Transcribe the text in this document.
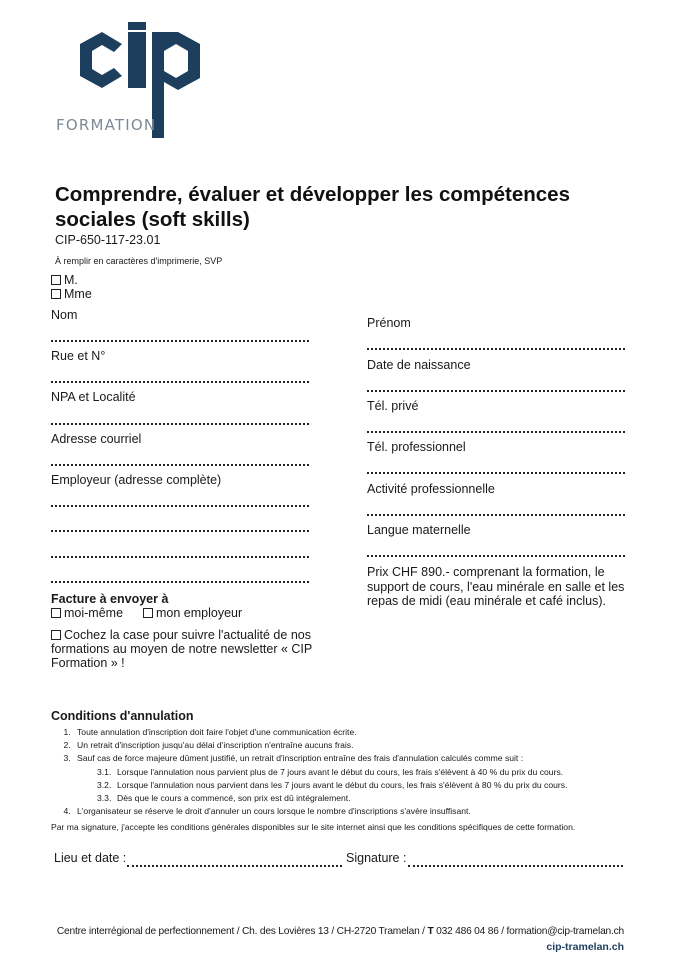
FORMATION
Comprendre, évaluer et développer les compétences sociales (soft skills)
CIP-650-117-23.01
À remplir en caractères d'imprimerie, SVP
M.
Mme
Nom
Rue et N°
NPA et Localité
Adresse courriel
Employeur (adresse complète)
Prénom
Date de naissance
Tél. privé
Tél. professionnel
Activité professionnelle
Langue maternelle
Prix CHF 890.- comprenant la formation, le support de cours, l'eau minérale en salle et les repas de midi (eau minérale et café inclus).
Facture à envoyer à
moi-même	mon employeur
Cochez la case pour suivre l'actualité de nos formations au moyen de notre newsletter « CIP Formation » !
Conditions d'annulation
1. Toute annulation d'inscription doit faire l'objet d'une communication écrite.
2. Un retrait d'inscription jusqu'au délai d'inscription n'entraîne aucuns frais.
3. Sauf cas de force majeure dûment justifié, un retrait d'inscription entraîne des frais d'annulation calculés comme suit :
3.1. Lorsque l'annulation nous parvient plus de 7 jours avant le début du cours, les frais s'élèvent à 40 % du prix du cours.
3.2. Lorsque l'annulation nous parvient dans les 7 jours avant le début du cours, les frais s'élèvent à 80 % du prix du cours.
3.3. Dès que le cours a commencé, son prix est dû intégralement.
4. L'organisateur se réserve le droit d'annuler un cours lorsque le nombre d'inscriptions s'avère insuffisant.
Par ma signature, j'accepte les conditions générales disponibles sur le site internet ainsi que les conditions spécifiques de cette formation.
Lieu et date :	Signature :
Centre interrégional de perfectionnement / Ch. des Lovières 13 / CH-2720 Tramelan / T 032 486 04 86 / formation@cip-tramelan.ch
cip-tramelan.ch
